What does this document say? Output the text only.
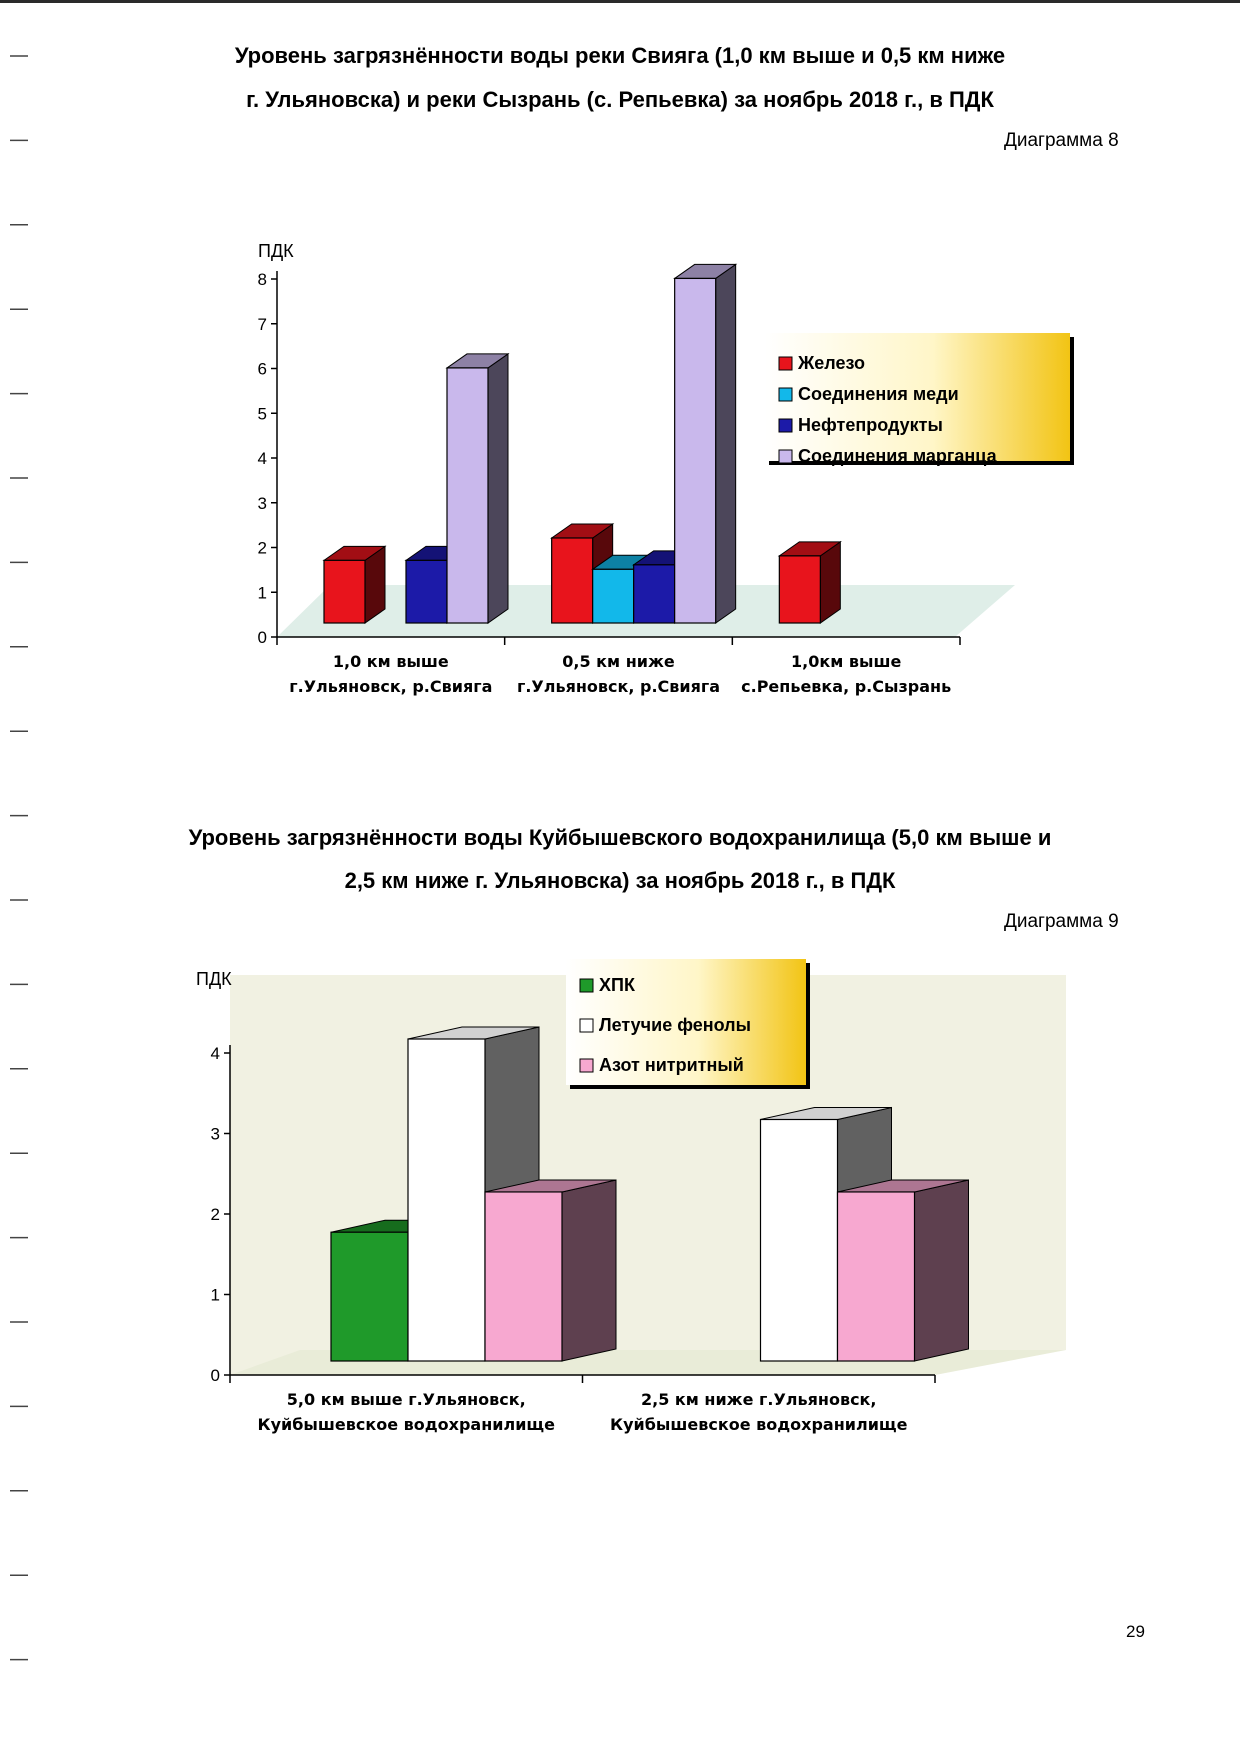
Уровень загрязнённости воды реки Свияга (1,0 км выше и 0,5 км ниже
г. Ульяновска) и реки Сызрань (с. Репьевка) за ноябрь 2018 г., в ПДК
Диаграмма 8
0
1
2
3
4
5
6
7
8
ПДК
1,0 км выше
г.Ульяновск, р.Свияга
0,5 км ниже
г.Ульяновск, р.Свияга
1,0км выше
с.Репьевка, р.Сызрань
Железо
Соединения меди
Нефтепродукты
Соединения марганца
Уровень загрязнённости воды Куйбышевского водохранилища (5,0 км выше и
2,5 км ниже г. Ульяновска) за ноябрь 2018 г., в ПДК
Диаграмма 9
0
1
2
3
4
ПДК
5,0 км выше г.Ульяновск,
Куйбышевское водохранилище
2,5 км ниже г.Ульяновск,
Куйбышевское водохранилище
ХПК
Летучие фенолы
Азот нитритный
29
